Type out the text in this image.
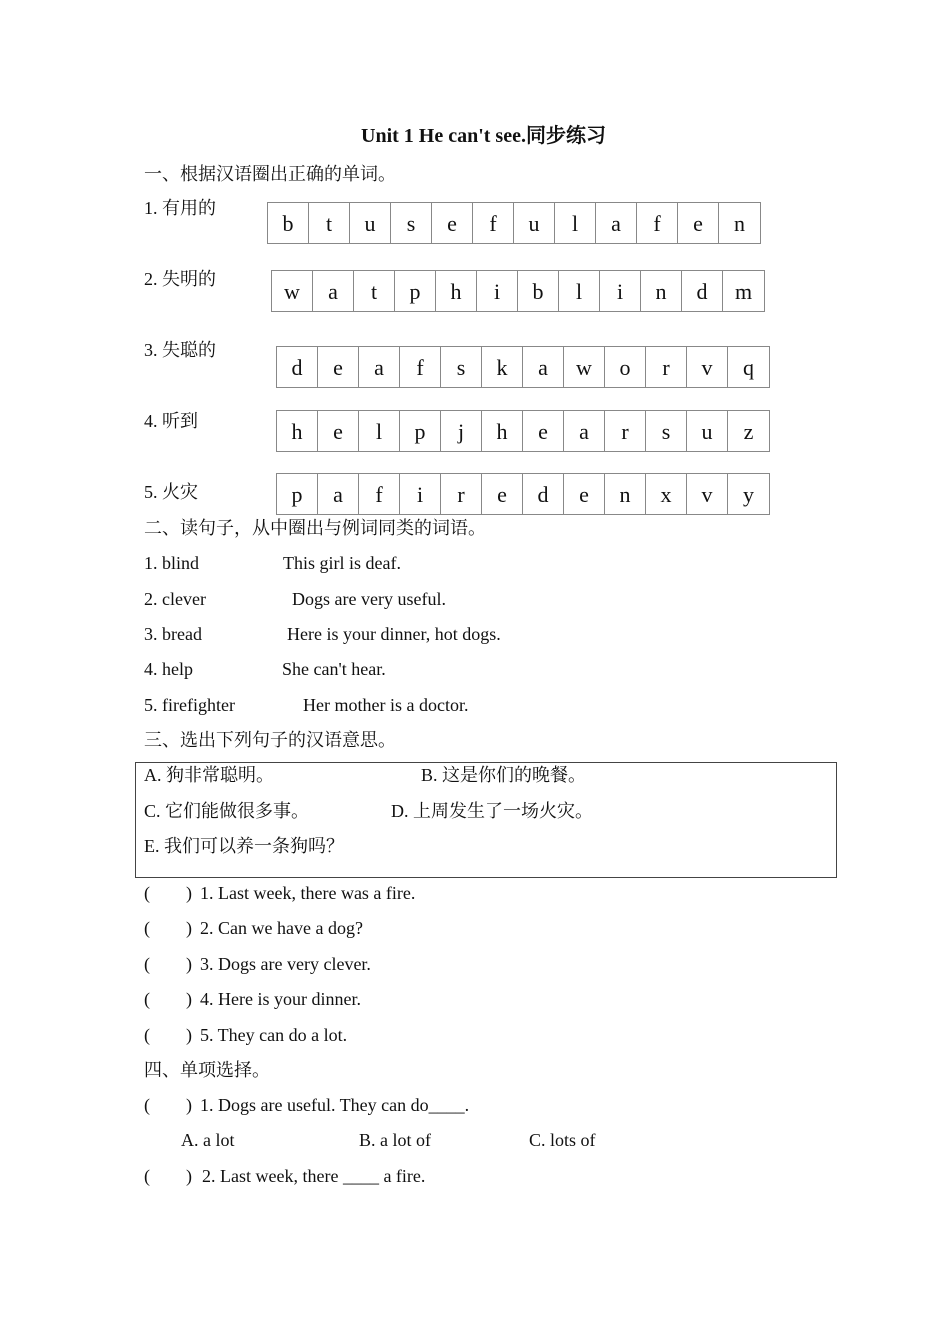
Unit 1 He can't see.同步练习
一、根据汉语圈出正确的单词。
1. 有用的
b	t	u	s	e	f	u	l	a	f	e	n
2. 失明的	w	a	t	p	h	i	b	l	i	n	d	m
3. 失聪的
d	e	a	f	s	k	a	w	o	r	v	q
4. 听到	h	e	l	p	j	h	e	a	r	s	u	z
5. 火灾	p	a	f	i	r	e	d	e	n	x	v	y
二、读句子，从中圈出与例词同类的词语。
1. blind	This girl is deaf.
2. clever	Dogs are very useful.
3. bread	Here is your dinner, hot dogs.
4. help	She can't hear.
5. firefighter	Her mother is a doctor.
三、选出下列句子的汉语意思。
A. 狗非常聪明。	B. 这是你们的晚餐。
C. 它们能做很多事。	D. 上周发生了一场火灾。
E. 我们可以养一条狗吗？
(        ) 1. Last week, there was a fire.
(        ) 2. Can we have a dog?
(        ) 3. Dogs are very clever.
(        ) 4. Here is your dinner.
(        ) 5. They can do a lot.
四、单项选择。
(        ) 1. Dogs are useful. They can do____.
A. a lot	B. a lot of	C. lots of
(        ) 2. Last week, there ____ a fire.
